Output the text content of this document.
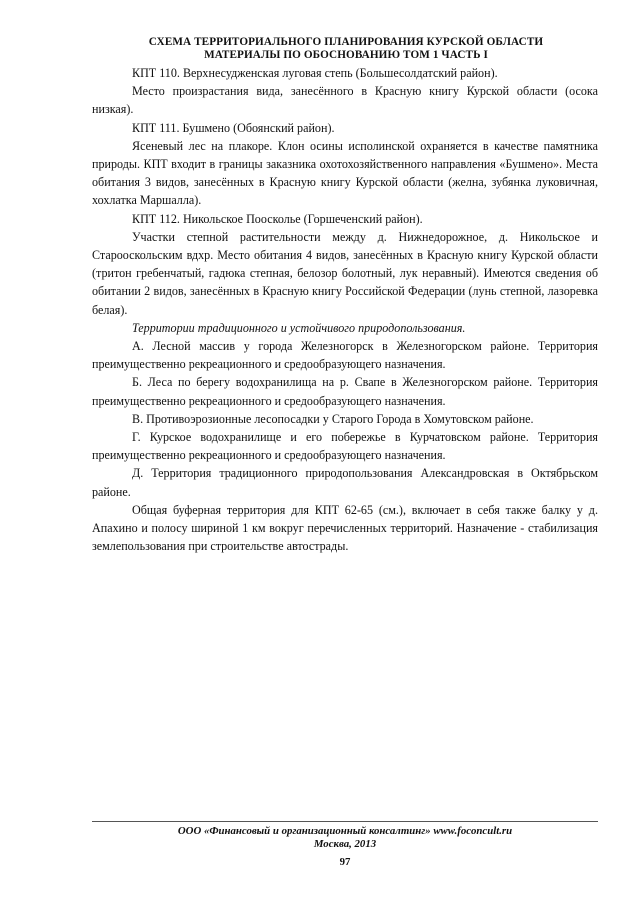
СХЕМА ТЕРРИТОРИАЛЬНОГО ПЛАНИРОВАНИЯ КУРСКОЙ ОБЛАСТИ
МАТЕРИАЛЫ ПО ОБОСНОВАНИЮ ТОМ 1 ЧАСТЬ I

КПТ 110. Верхнесудженская луговая степь (Большесолдатский район).

Место произрастания вида, занесённого в Красную книгу Курской области (осока низкая).

КПТ 111. Бушмено (Обоянский район).

Ясеневый лес на плакоре. Клон осины исполинской охраняется в качестве памятника природы. КПТ входит в границы заказника охотохозяйственного направления «Бушмено». Места обитания 3 видов, занесённых в Красную книгу Курской области (желна, зубянка луковичная, хохлатка Маршалла).

КПТ 112. Никольское Поосколье (Горшеченский район).

Участки степной растительности между д. Нижнедорожное, д. Никольское и Старооскольским вдхр. Место обитания 4 видов, занесённых в Красную книгу Курской области (тритон гребенчатый, гадюка степная, белозор болотный, лук неравный). Имеются сведения об обитании 2 видов, занесённых в Красную книгу Российской Федерации (лунь степной, лазоревка белая).

Территории традиционного и устойчивого природопользования.

А. Лесной массив у города Железногорск в Железногорском районе. Территория преимущественно рекреационного и средообразующего назначения.

Б. Леса по берегу водохранилища на р. Свапе в Железногорском районе. Территория преимущественно рекреационного и средообразующего назначения.

В. Противоэрозионные лесопосадки у Старого Города в Хомутовском районе.

Г. Курское водохранилище и его побережье в Курчатовском районе. Территория преимущественно рекреационного и средообразующего назначения.

Д. Территория традиционного природопользования Александровская в Октябрьском районе.

Общая буферная территория для КПТ 62-65 (см.), включает в себя также балку у д. Апахино и полосу шириной 1 км вокруг перечисленных территорий. Назначение - стабилизация землепользования при строительстве автострады.

ООО «Финансовый и организационный консалтинг» www.foconcult.ru
Москва, 2013
97
